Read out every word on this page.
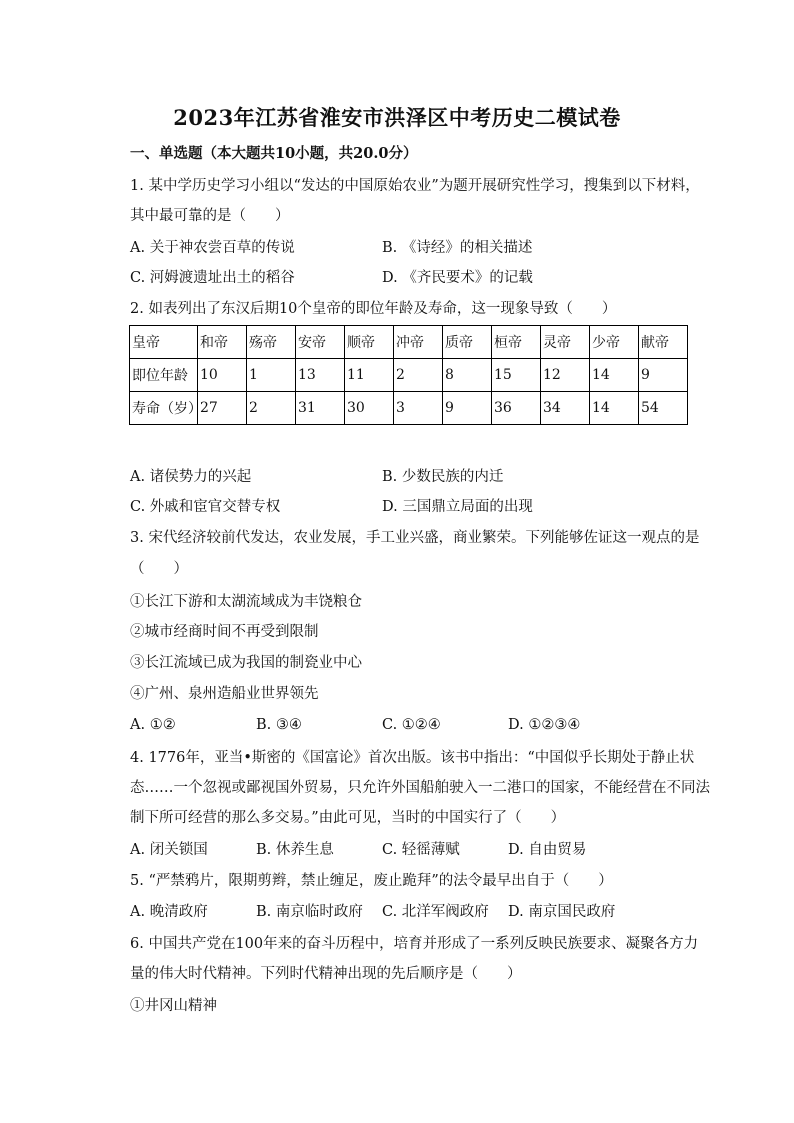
2023年江苏省淮安市洪泽区中考历史二模试卷
一、单选题（本大题共10小题，共20.0分）
1. 某中学历史学习小组以“发达的中国原始农业”为题开展研究性学习，搜集到以下材料，
其中最可靠的是（　　）
A. 关于神农尝百草的传说	B. 《诗经》的相关描述
C. 河姆渡遗址出土的稻谷	D. 《齐民要术》的记载
2. 如表列出了东汉后期10个皇帝的即位年龄及寿命，这一现象导致（　　）
皇帝	和帝	殇帝	安帝	顺帝	冲帝	质帝	桓帝	灵帝	少帝	献帝
即位年龄	10	1	13	11	2	8	15	12	14	9
寿命（岁）	27	2	31	30	3	9	36	34	14	54
A. 诸侯势力的兴起	B. 少数民族的内迁
C. 外戚和宦官交替专权	D. 三国鼎立局面的出现
3. 宋代经济较前代发达，农业发展，手工业兴盛，商业繁荣。下列能够佐证这一观点的是
（　　）
①长江下游和太湖流域成为丰饶粮仓
②城市经商时间不再受到限制
③长江流域已成为我国的制瓷业中心
④广州、泉州造船业世界领先
A. ①②	B. ③④	C. ①②④	D. ①②③④
4. 1776年，亚当•斯密的《国富论》首次出版。该书中指出：“中国似乎长期处于静止状
态……一个忽视或鄙视国外贸易，只允许外国船舶驶入一二港口的国家，不能经营在不同法
制下所可经营的那么多交易。”由此可见，当时的中国实行了（　　）
A. 闭关锁国	B. 休养生息	C. 轻徭薄赋	D. 自由贸易
5. “严禁鸦片，限期剪辫，禁止缠足，废止跪拜”的法令最早出自于（　　）
A. 晚清政府	B. 南京临时政府 C. 北洋军阀政府 D. 南京国民政府
6. 中国共产党在100年来的奋斗历程中，培育并形成了一系列反映民族要求、凝聚各方力
量的伟大时代精神。下列时代精神出现的先后顺序是（　　）
①井冈山精神
